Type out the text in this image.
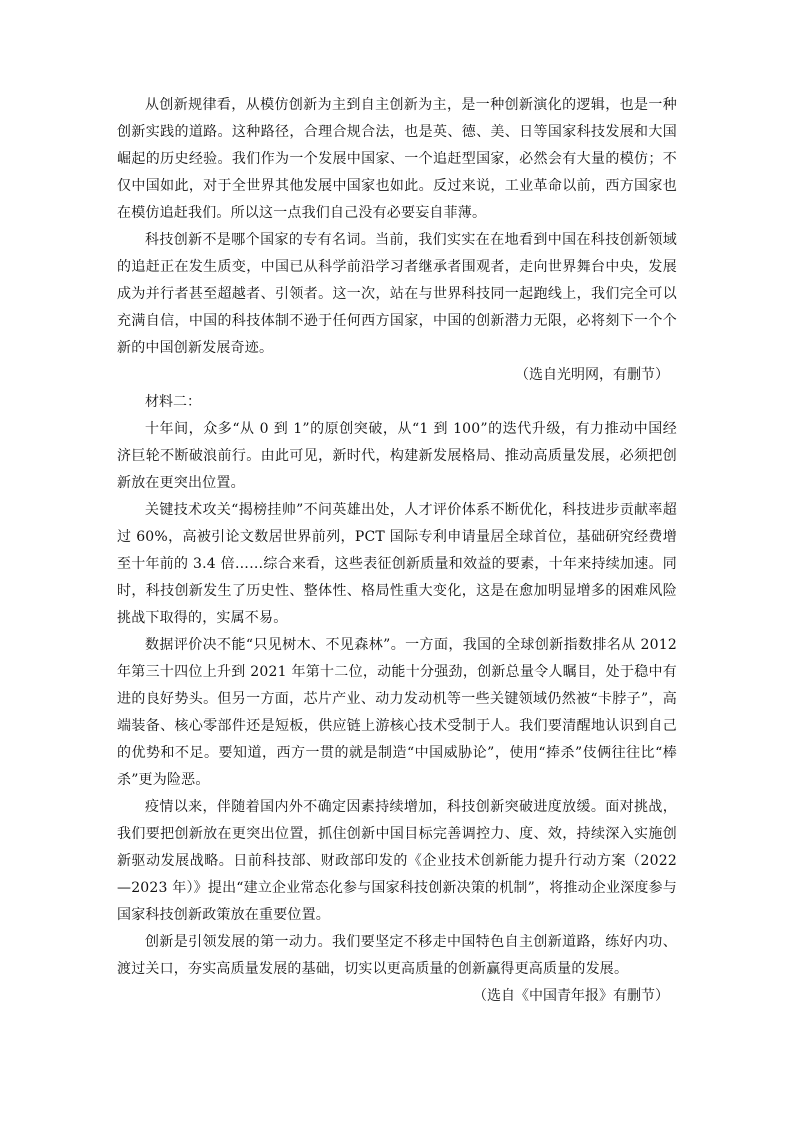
从创新规律看，从模仿创新为主到自主创新为主，是一种创新演化的逻辑，也是一种创新实践的道路。这种路径，合理合规合法，也是英、德、美、日等国家科技发展和大国崛起的历史经验。我们作为一个发展中国家、一个追赶型国家，必然会有大量的模仿；不仅中国如此，对于全世界其他发展中国家也如此。反过来说，工业革命以前，西方国家也在模仿追赶我们。所以这一点我们自己没有必要妄自菲薄。

科技创新不是哪个国家的专有名词。当前，我们实实在在地看到中国在科技创新领域的追赶正在发生质变，中国已从科学前沿学习者继承者围观者，走向世界舞台中央，发展成为并行者甚至超越者、引领者。这一次，站在与世界科技同一起跑线上，我们完全可以充满自信，中国的科技体制不逊于任何西方国家，中国的创新潜力无限，必将刻下一个个新的中国创新发展奇迹。

（选自光明网，有删节）

材料二：

十年间，众多“从 0 到 1”的原创突破，从“1 到 100”的迭代升级，有力推动中国经济巨轮不断破浪前行。由此可见，新时代，构建新发展格局、推动高质量发展，必须把创新放在更突出位置。

关键技术攻关“揭榜挂帅”不问英雄出处，人才评价体系不断优化，科技进步贡献率超过 60%，高被引论文数居世界前列，PCT 国际专利申请量居全球首位，基础研究经费增至十年前的 3.4 倍……综合来看，这些表征创新质量和效益的要素，十年来持续加速。同时，科技创新发生了历史性、整体性、格局性重大变化，这是在愈加明显增多的困难风险挑战下取得的，实属不易。

数据评价决不能“只见树木、不见森林”。一方面，我国的全球创新指数排名从 2012 年第三十四位上升到 2021 年第十二位，动能十分强劲，创新总量令人瞩目，处于稳中有进的良好势头。但另一方面，芯片产业、动力发动机等一些关键领域仍然被“卡脖子”，高端装备、核心零部件还是短板，供应链上游核心技术受制于人。我们要清醒地认识到自己的优势和不足。要知道，西方一贯的就是制造“中国威胁论”，使用“捧杀”伎俩往往比“棒杀”更为险恶。

疫情以来，伴随着国内外不确定因素持续增加，科技创新突破进度放缓。面对挑战，我们要把创新放在更突出位置，抓住创新中国目标完善调控力、度、效，持续深入实施创新驱动发展战略。日前科技部、财政部印发的《企业技术创新能力提升行动方案（2022—2023 年）》提出“建立企业常态化参与国家科技创新决策的机制”，将推动企业深度参与国家科技创新政策放在重要位置。

创新是引领发展的第一动力。我们要坚定不移走中国特色自主创新道路，练好内功、渡过关口，夯实高质量发展的基础，切实以更高质量的创新赢得更高质量的发展。

（选自《中国青年报》有删节）
